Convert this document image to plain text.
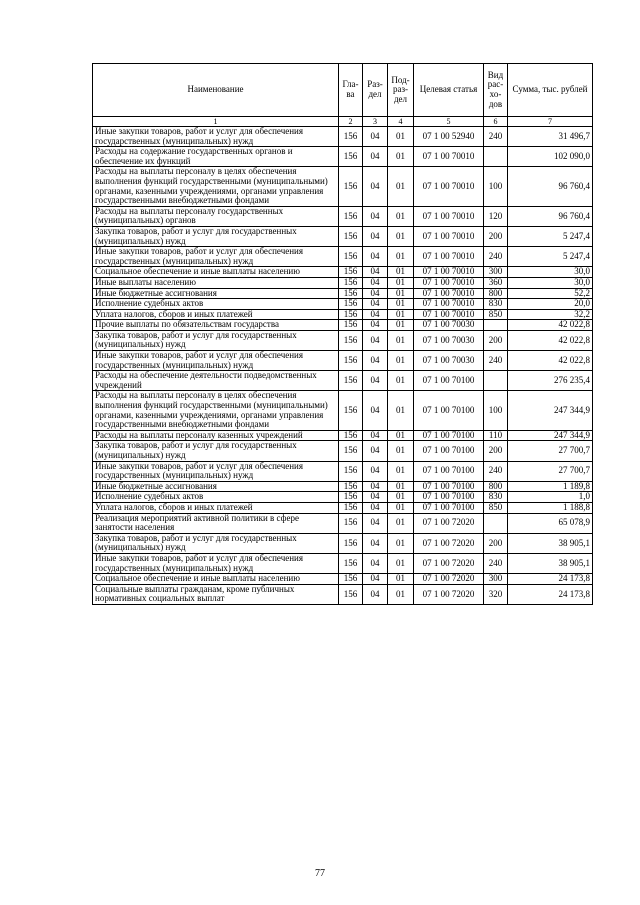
Наименование	Гла-ва	Раз-дел	Под-раз-дел	Целевая статья	Вид рас-хо-дов	Сумма, тыс. рублей
1	2	3	4	5	6	7
Иные закупки товаров, работ и услуг для обеспечения государственных (муниципальных) нужд	156	04	01	07 1 00 52940	240	31 496,7
Расходы на содержание государственных органов и обеспечение их функций	156	04	01	07 1 00 70010		102 090,0
Расходы на выплаты персоналу в целях обеспечения выполнения функций государственными (муниципальными) органами, казенными учреждениями, органами управления государственными внебюджетными фондами	156	04	01	07 1 00 70010	100	96 760,4
Расходы на выплаты персоналу государственных (муниципальных) органов	156	04	01	07 1 00 70010	120	96 760,4
Закупка товаров, работ и услуг для государственных (муниципальных) нужд	156	04	01	07 1 00 70010	200	5 247,4
Иные закупки товаров, работ и услуг для обеспечения государственных (муниципальных) нужд	156	04	01	07 1 00 70010	240	5 247,4
Социальное обеспечение и иные выплаты населению	156	04	01	07 1 00 70010	300	30,0
Иные выплаты населению	156	04	01	07 1 00 70010	360	30,0
Иные бюджетные ассигнования	156	04	01	07 1 00 70010	800	52,2
Исполнение судебных актов	156	04	01	07 1 00 70010	830	20,0
Уплата налогов, сборов и иных платежей	156	04	01	07 1 00 70010	850	32,2
Прочие выплаты по обязательствам государства	156	04	01	07 1 00 70030		42 022,8
Закупка товаров, работ и услуг для государственных (муниципальных) нужд	156	04	01	07 1 00 70030	200	42 022,8
Иные закупки товаров, работ и услуг для обеспечения государственных (муниципальных) нужд	156	04	01	07 1 00 70030	240	42 022,8
Расходы на обеспечение деятельности подведомственных учреждений	156	04	01	07 1 00 70100		276 235,4
Расходы на выплаты персоналу в целях обеспечения выполнения функций государственными (муниципальными) органами, казенными учреждениями, органами управления государственными внебюджетными фондами	156	04	01	07 1 00 70100	100	247 344,9
Расходы на выплаты персоналу казенных учреждений	156	04	01	07 1 00 70100	110	247 344,9
Закупка товаров, работ и услуг для государственных (муниципальных) нужд	156	04	01	07 1 00 70100	200	27 700,7
Иные закупки товаров, работ и услуг для обеспечения государственных (муниципальных) нужд	156	04	01	07 1 00 70100	240	27 700,7
Иные бюджетные ассигнования	156	04	01	07 1 00 70100	800	1 189,8
Исполнение судебных актов	156	04	01	07 1 00 70100	830	1,0
Уплата налогов, сборов и иных платежей	156	04	01	07 1 00 70100	850	1 188,8
Реализация мероприятий активной политики в сфере занятости населения	156	04	01	07 1 00 72020		65 078,9
Закупка товаров, работ и услуг для государственных (муниципальных) нужд	156	04	01	07 1 00 72020	200	38 905,1
Иные закупки товаров, работ и услуг для обеспечения государственных (муниципальных) нужд	156	04	01	07 1 00 72020	240	38 905,1
Социальное обеспечение и иные выплаты населению	156	04	01	07 1 00 72020	300	24 173,8
Социальные выплаты гражданам, кроме публичных нормативных социальных выплат	156	04	01	07 1 00 72020	320	24 173,8
77
